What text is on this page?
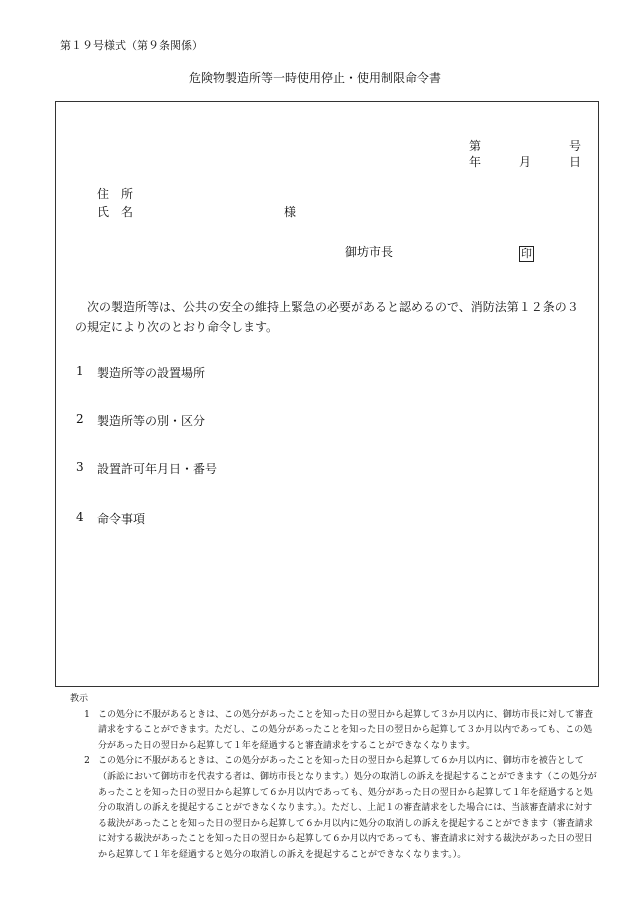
第１９号様式（第９条関係）
危険物製造所等一時使用停止・使用制限命令書
第	号
年	月	日
住　所
氏　名	様
御坊市長	印
次の製造所等は、公共の安全の維持上緊急の必要があると認めるので、消防法第１２条の３の規定により次のとおり命令します。
1 製造所等の設置場所
2 製造所等の別・区分
3 設置許可年月日・番号
4 命令事項
教示
1 この処分に不服があるときは、この処分があったことを知った日の翌日から起算して３か月以内に、御坊市長に対して審査請求をすることができます。ただし、この処分があったことを知った日の翌日から起算して３か月以内であっても、この処分があった日の翌日から起算して１年を経過すると審査請求をすることができなくなります。
2 この処分に不服があるときは、この処分があったことを知った日の翌日から起算して６か月以内に、御坊市を被告として（訴訟において御坊市を代表する者は、御坊市長となります。）処分の取消しの訴えを提起することができます（この処分があったことを知った日の翌日から起算して６か月以内であっても、処分があった日の翌日から起算して１年を経過すると処分の取消しの訴えを提起することができなくなります。）。ただし、上記１の審査請求をした場合には、当該審査請求に対する裁決があったことを知った日の翌日から起算して６か月以内に処分の取消しの訴えを提起することができます（審査請求に対する裁決があったことを知った日の翌日から起算して６か月以内であっても、審査請求に対する裁決があった日の翌日から起算して１年を経過すると処分の取消しの訴えを提起することができなくなります。）。
